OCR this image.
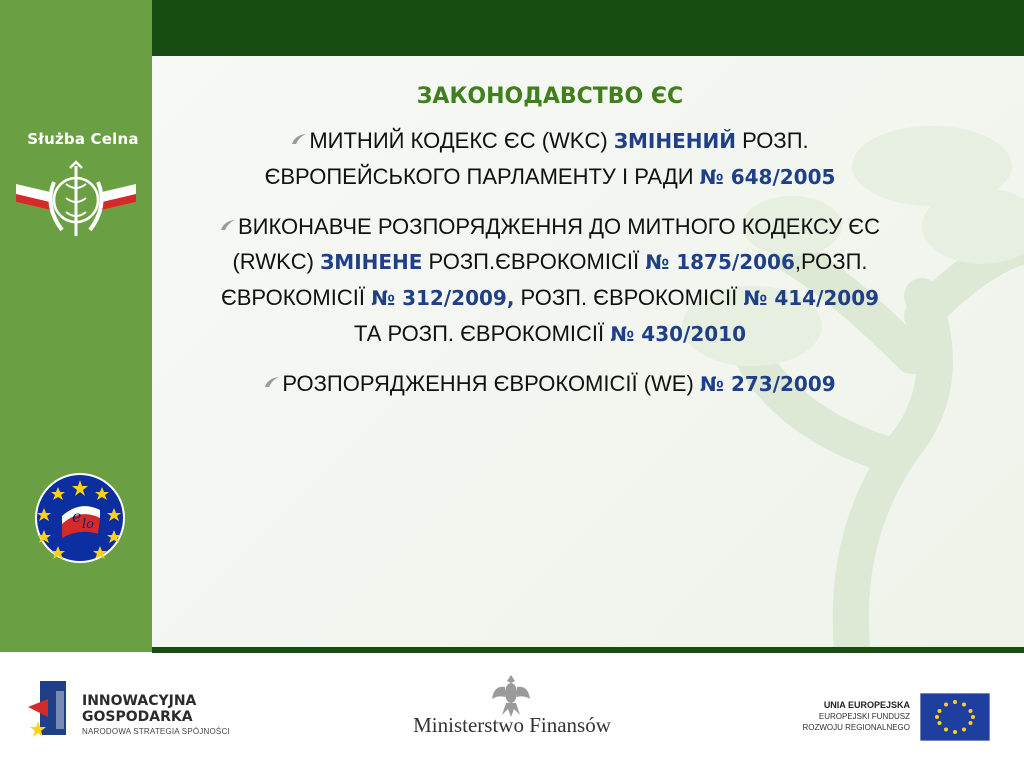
Służba Celna
e lo
ЗАКОНОДАВСТВО ЄС
МИТНИЙ КОДЕКС ЄС (WKC) ЗМІНЕНИЙ РОЗП. ЄВРОПЕЙСЬКОГО ПАРЛАМЕНТУ І РАДИ № 648/2005
ВИКОНАВЧЕ РОЗПОРЯДЖЕННЯ ДО МИТНОГО КОДЕКСУ ЄС (RWKC) ЗМІНЕНЕ РОЗП.ЄВРОКОМІСІЇ № 1875/2006,РОЗП. ЄВРОКОМІСІЇ № 312/2009, РОЗП. ЄВРОКОМІСІЇ № 414/2009 ТА РОЗП. ЄВРОКОМІСІЇ № 430/2010
РОЗПОРЯДЖЕННЯ ЄВРОКОМІСІЇ (WE) № 273/2009
INNOWACYJNA
GOSPODARKA
NARODOWA STRATEGIA SPÓJNOŚCI	Ministerstwo Finansów
UNIA EUROPEJSKA
EUROPEJSKI FUNDUSZ
ROZWOJU REGIONALNEGO
